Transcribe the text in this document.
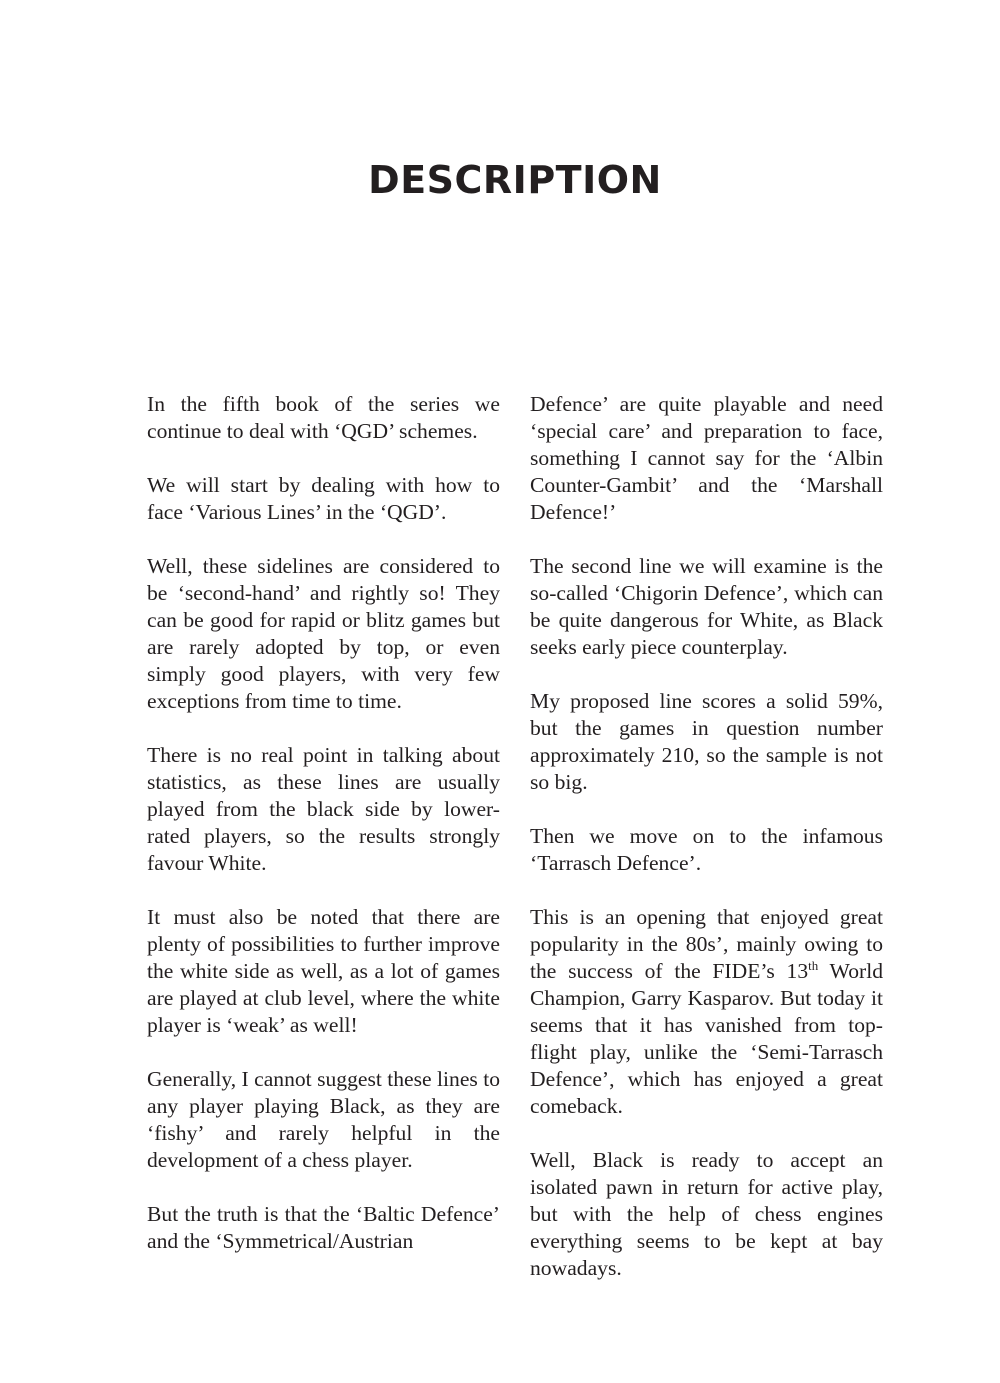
DESCRIPTION

In the fifth book of the series we continue to deal with ‘QGD’ schemes.

We will start by dealing with how to face ‘Various Lines’ in the ‘QGD’.

Well, these sidelines are considered to be ‘second-hand’ and rightly so! They can be good for rapid or blitz games but are rarely adopted by top, or even simply good players, with very few exceptions from time to time.

There is no real point in talking about statistics, as these lines are usually played from the black side by lower-rated players, so the results strongly favour White.

It must also be noted that there are plenty of possibilities to further improve the white side as well, as a lot of games are played at club level, where the white player is ‘weak’ as well!

Generally, I cannot suggest these lines to any player playing Black, as they are ‘fishy’ and rarely helpful in the development of a chess player.

But the truth is that the ‘Baltic Defence’ and the ‘Symmetrical/Austrian

Defence’ are quite playable and need ‘special care’ and preparation to face, something I cannot say for the ‘Albin Counter-Gambit’ and the ‘Marshall Defence!’

The second line we will examine is the so-called ‘Chigorin Defence’, which can be quite dangerous for White, as Black seeks early piece counterplay.

My proposed line scores a solid 59%, but the games in question number approximately 210, so the sample is not so big.

Then we move on to the infamous ‘Tarrasch Defence’.

This is an opening that enjoyed great popularity in the 80s’, mainly owing to the success of the FIDE’s 13th World Champion, Garry Kasparov. But today it seems that it has vanished from top-flight play, unlike the ‘Semi-Tarrasch Defence’, which has enjoyed a great comeback.

Well, Black is ready to accept an isolated pawn in return for active play, but with the help of chess engines everything seems to be kept at bay nowadays.
